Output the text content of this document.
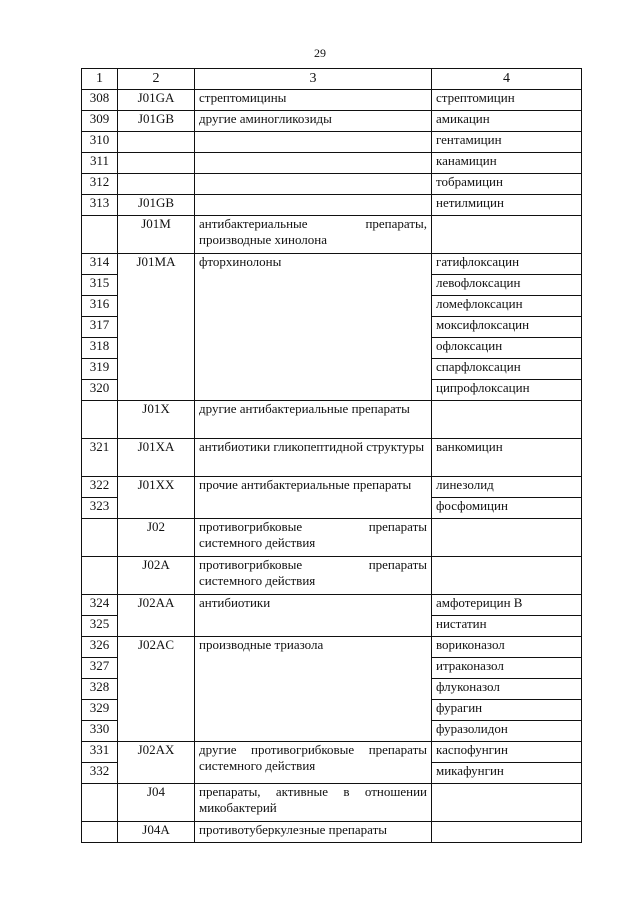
29
1	2	3	4
308	J01GA	стрептомицины	стрептомицин
309	J01GB	другие аминогликозиды	амикацин
310			гентамицин
311			канамицин
312			тобрамицин
313	J01GB		нетилмицин
	J01M	антибактериальные препараты, производные хинолона	
314	J01MA	фторхинолоны	гатифлоксацин
315			левофлоксацин
316			ломефлоксацин
317			моксифлоксацин
318			офлоксацин
319			спарфлоксацин
320			ципрофлоксацин
	J01X	другие антибактериальные препараты	
321	J01XA	антибиотики гликопептидной структуры	ванкомицин
322	J01XX	прочие антибактериальные препараты	линезолид
323			фосфомицин
	J02	противогрибковые препараты системного действия	
	J02A	противогрибковые препараты системного действия	
324	J02AA	антибиотики	амфотерицин В
325			нистатин
326	J02AC	производные триазола	вориконазол
327			итраконазол
328			флуконазол
329			фурагин
330			фуразолидон
331	J02AX	другие противогрибковые препараты системного действия	каспофунгин
332			микафунгин
	J04	препараты, активные в отношении микобактерий	
	J04A	противотуберкулезные препараты	
